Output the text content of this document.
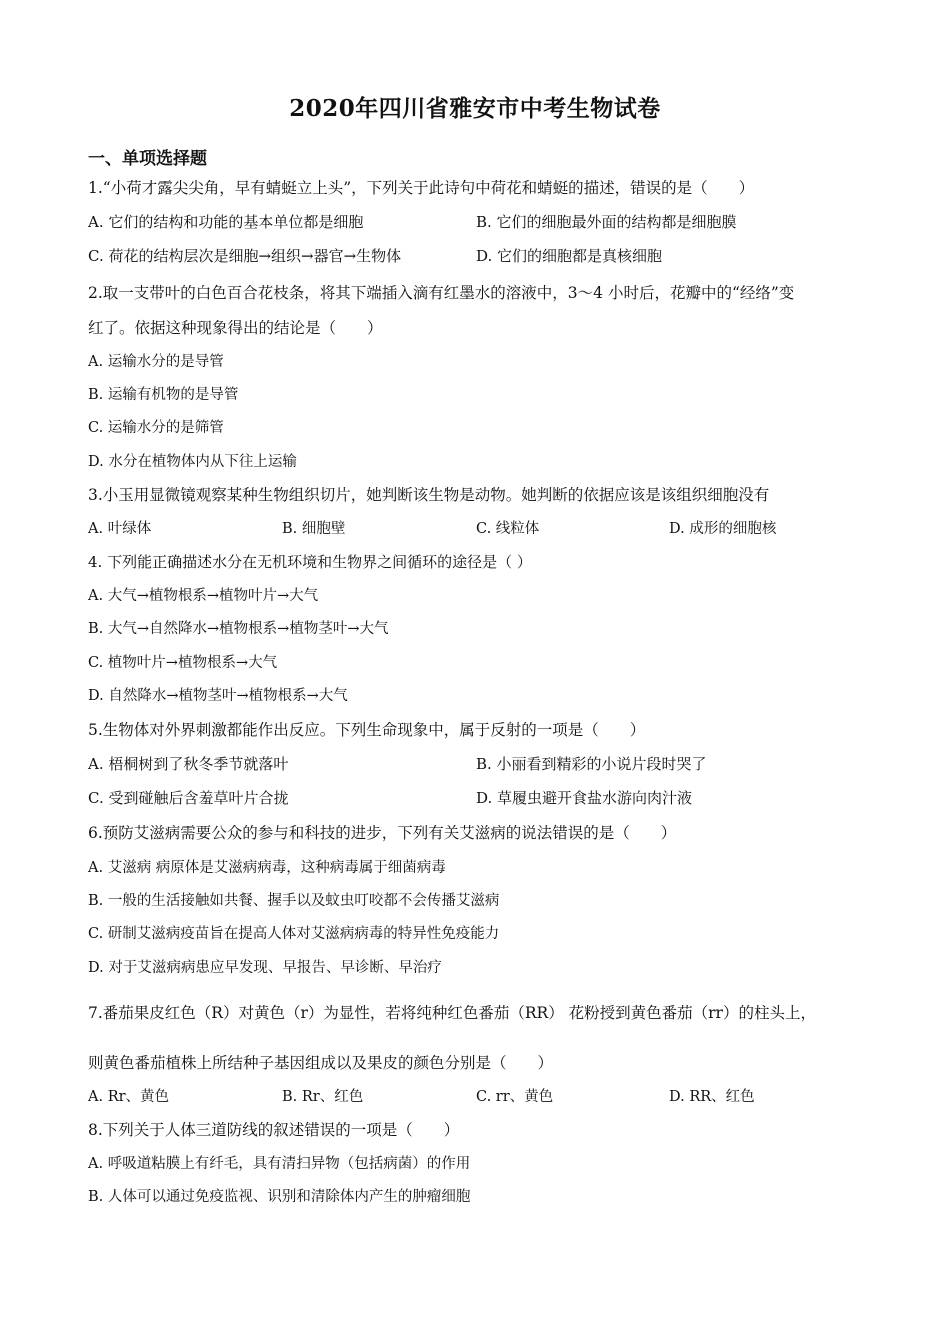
2020年四川省雅安市中考生物试卷
一、单项选择题
1.“小荷才露尖尖角，早有蜻蜓立上头”，下列关于此诗句中荷花和蜻蜓的描述，错误的是（　　）
A. 它们的结构和功能的基本单位都是细胞	B. 它们的细胞最外面的结构都是细胞膜
C. 荷花的结构层次是细胞→组织→器官→生物体	D. 它们的细胞都是真核细胞
2.取一支带叶的白色百合花枝条，将其下端插入滴有红墨水的溶液中，3～4 小时后，花瓣中的“经络”变
红了。依据这种现象得出的结论是（　　）
A. 运输水分的是导管
B. 运输有机物的是导管
C. 运输水分的是筛管
D. 水分在植物体内从下往上运输
3.小玉用显微镜观察某种生物组织切片，她判断该生物是动物。她判断的依据应该是该组织细胞没有
A. 叶绿体	B. 细胞壁	C. 线粒体	D. 成形的细胞核
4. 下列能正确描述水分在无机环境和生物界之间循环的途径是（ ）
A. 大气→植物根系→植物叶片→大气
B. 大气→自然降水→植物根系→植物茎叶→大气
C. 植物叶片→植物根系→大气
D. 自然降水→植物茎叶→植物根系→大气
5.生物体对外界刺激都能作出反应。下列生命现象中，属于反射的一项是（　　）
A. 梧桐树到了秋冬季节就落叶	B. 小丽看到精彩的小说片段时哭了
C. 受到碰触后含羞草叶片合拢	D. 草履虫避开食盐水游向肉汁液
6.预防艾滋病需要公众的参与和科技的进步，下列有关艾滋病的说法错误的是（　　）
A. 艾滋病 病原体是艾滋病病毒，这种病毒属于细菌病毒
B. 一般的生活接触如共餐、握手以及蚊虫叮咬都不会传播艾滋病
C. 研制艾滋病疫苗旨在提高人体对艾滋病病毒的特异性免疫能力
D. 对于艾滋病病患应早发现、早报告、早诊断、早治疗
7.番茄果皮红色（R）对黄色（r）为显性，若将纯种红色番茄（RR） 花粉授到黄色番茄（rr）的柱头上，
则黄色番茄植株上所结种子基因组成以及果皮的颜色分别是（　　）
A. Rr、黄色	B. Rr、红色	C. rr、黄色	D. RR、红色
8.下列关于人体三道防线的叙述错误的一项是（　　）
A. 呼吸道粘膜上有纤毛，具有清扫异物（包括病菌）的作用
B. 人体可以通过免疫监视、识别和清除体内产生的肿瘤细胞
